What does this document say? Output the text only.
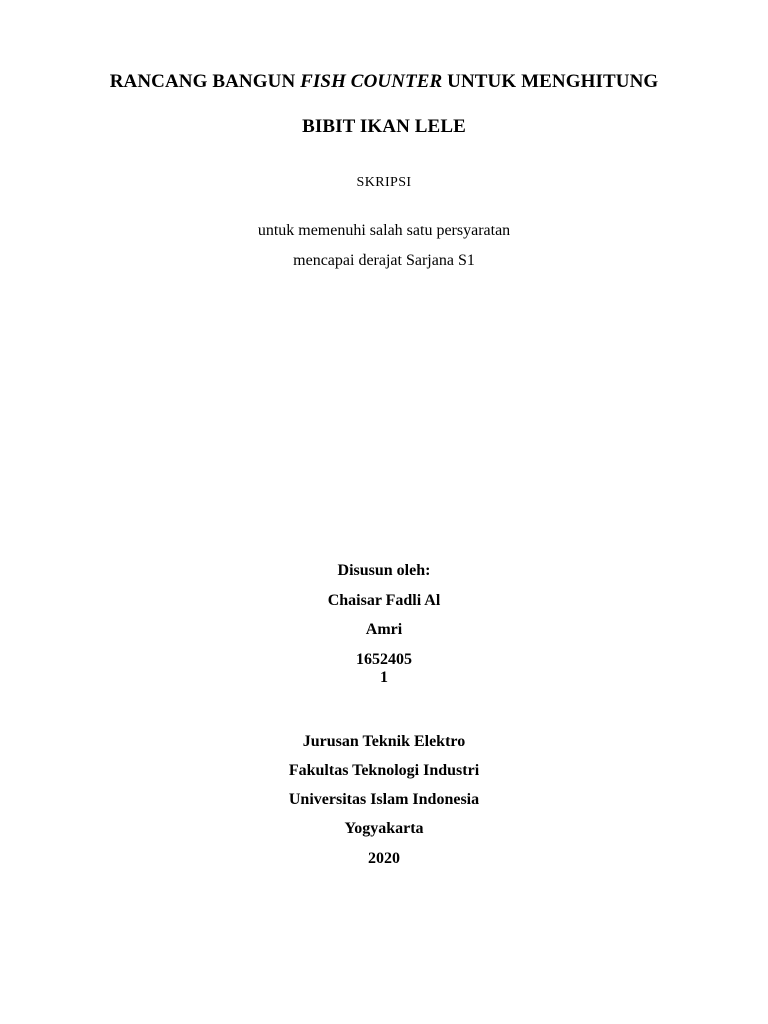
RANCANG BANGUN FISH COUNTER UNTUK MENGHITUNG
BIBIT IKAN LELE
SKRIPSI
untuk memenuhi salah satu persyaratan
mencapai derajat Sarjana S1
Disusun oleh:
Chaisar Fadli Al
Amri
1652405
1
Jurusan Teknik Elektro
Fakultas Teknologi Industri
Universitas Islam Indonesia
Yogyakarta
2020
